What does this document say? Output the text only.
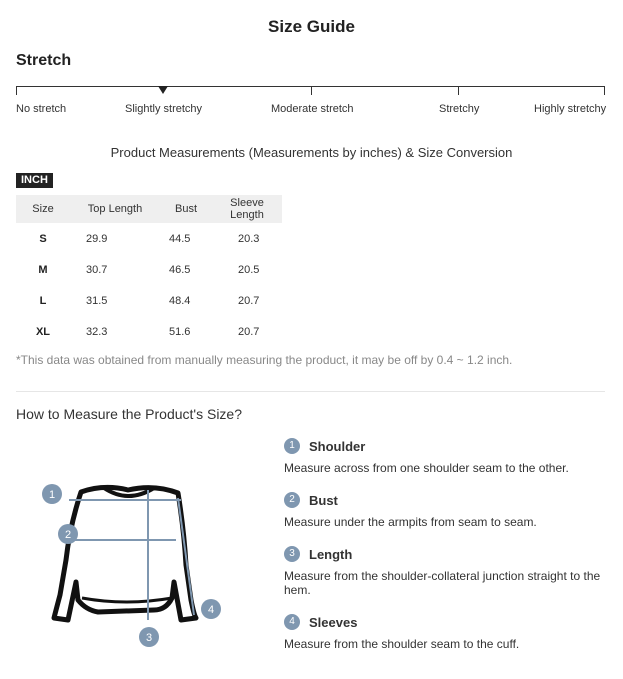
Size Guide
Stretch
No stretch	Slightly stretchy	Moderate stretch	Stretchy	Highly stretchy
Product Measurements (Measurements by inches) & Size Conversion
INCH
Size	Top Length	Bust	Sleeve Length
S	29.9	44.5	20.3
M	30.7	46.5	20.5
L	31.5	48.4	20.7
XL	32.3	51.6	20.7
*This data was obtained from manually measuring the product, it may be off by 0.4 ~ 1.2 inch.
How to Measure the Product's Size?
1
2
3
4
1	Shoulder
Measure across from one shoulder seam to the other.
2	Bust
Measure under the armpits from seam to seam.
3	Length
Measure from the shoulder-collateral junction straight to the hem.
4	Sleeves
Measure from the shoulder seam to the cuff.
